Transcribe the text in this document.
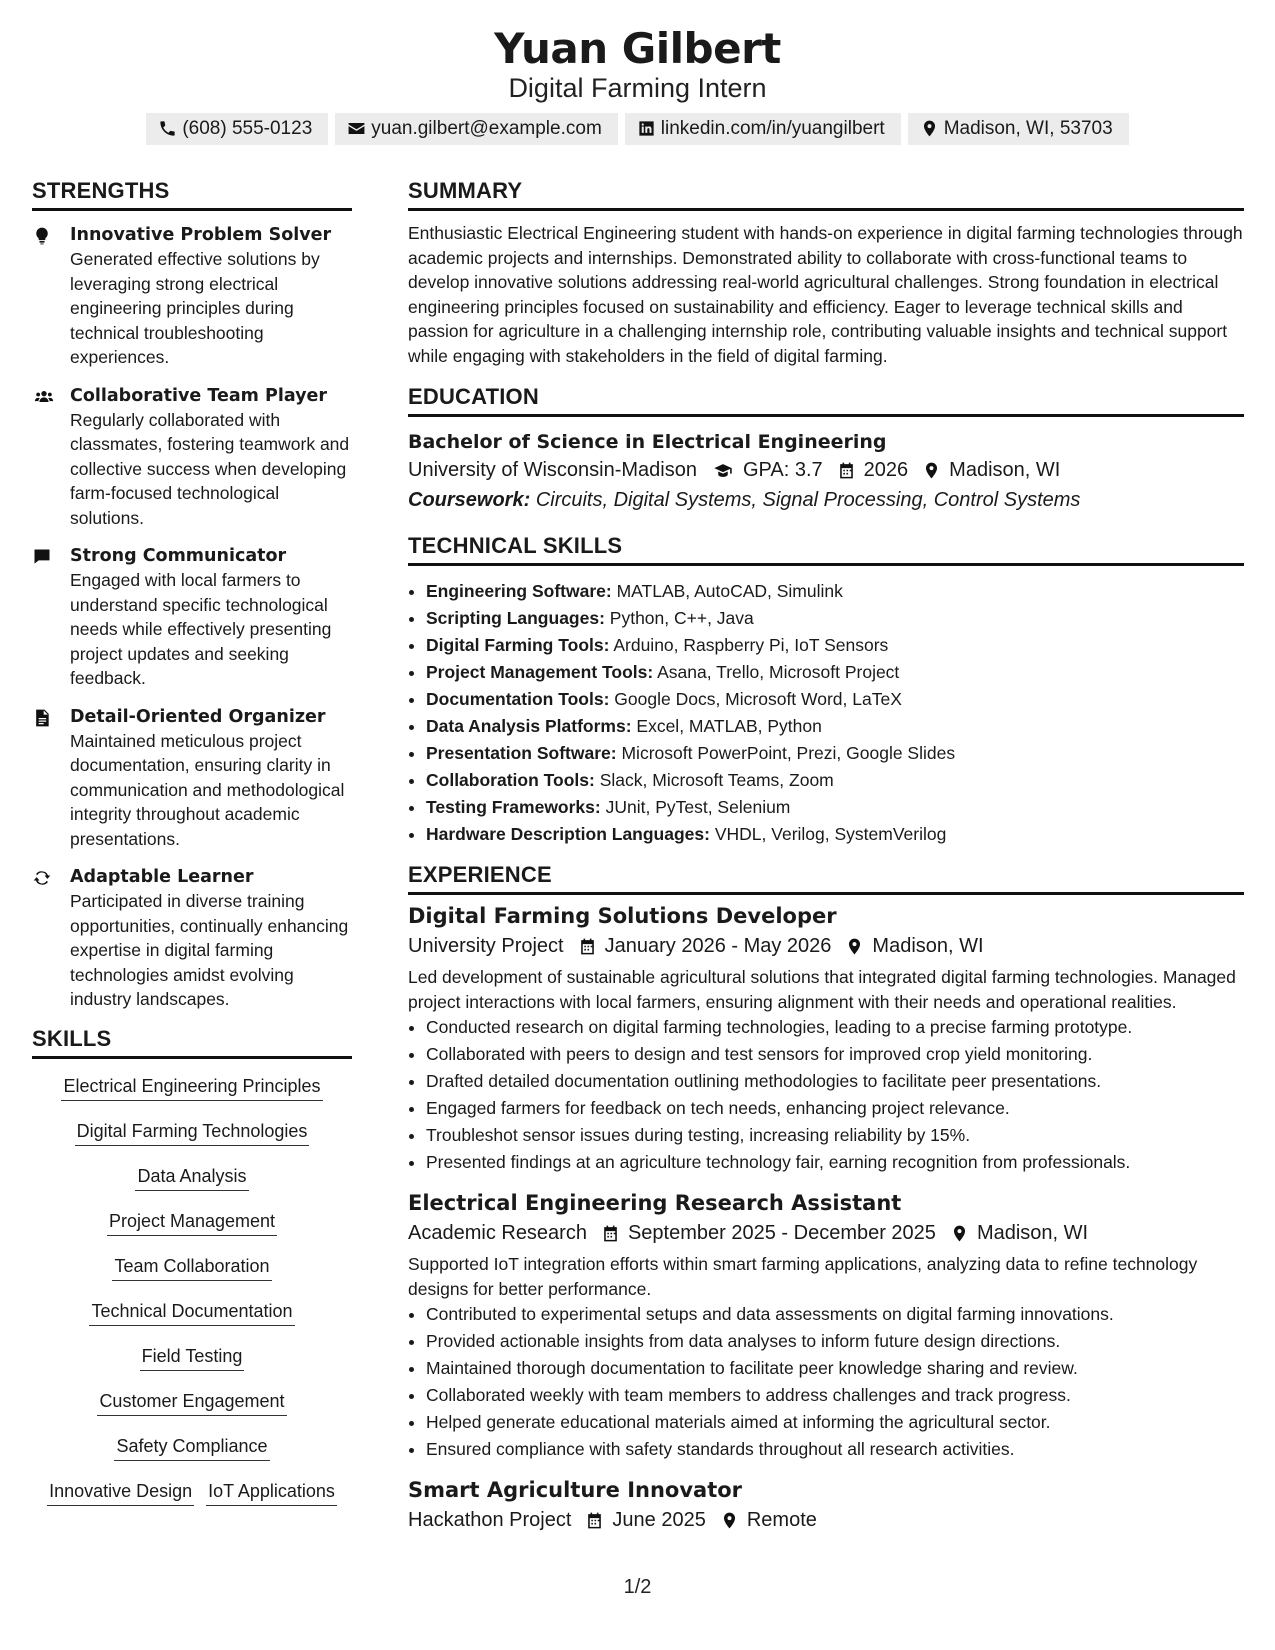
Yuan Gilbert
Digital Farming Intern
(608) 555-0123	yuan.gilbert@example.com	linkedin.com/in/yuangilbert	Madison, WI, 53703
STRENGTHS
Innovative Problem Solver
Generated effective solutions by leveraging strong electrical engineering principles during technical troubleshooting experiences.
Collaborative Team Player
Regularly collaborated with classmates, fostering teamwork and collective success when developing farm-focused technological solutions.
Strong Communicator
Engaged with local farmers to understand specific technological needs while effectively presenting project updates and seeking feedback.
Detail-Oriented Organizer
Maintained meticulous project documentation, ensuring clarity in communication and methodological integrity throughout academic presentations.
Adaptable Learner
Participated in diverse training opportunities, continually enhancing expertise in digital farming technologies amidst evolving industry landscapes.
SKILLS
Electrical Engineering Principles
Digital Farming Technologies
Data Analysis
Project Management
Team Collaboration
Technical Documentation
Field Testing
Customer Engagement
Safety Compliance
Innovative Design IoT Applications
SUMMARY
Enthusiastic Electrical Engineering student with hands-on experience in digital farming technologies through academic projects and internships. Demonstrated ability to collaborate with cross-functional teams to develop innovative solutions addressing real-world agricultural challenges. Strong foundation in electrical engineering principles focused on sustainability and efficiency. Eager to leverage technical skills and passion for agriculture in a challenging internship role, contributing valuable insights and technical support while engaging with stakeholders in the field of digital farming.
EDUCATION
Bachelor of Science in Electrical Engineering
University of Wisconsin-Madison GPA: 3.7 2026 Madison, WI
Coursework: Circuits, Digital Systems, Signal Processing, Control Systems
TECHNICAL SKILLS
• Engineering Software: MATLAB, AutoCAD, Simulink
• Scripting Languages: Python, C++, Java
• Digital Farming Tools: Arduino, Raspberry Pi, IoT Sensors
• Project Management Tools: Asana, Trello, Microsoft Project
• Documentation Tools: Google Docs, Microsoft Word, LaTeX
• Data Analysis Platforms: Excel, MATLAB, Python
• Presentation Software: Microsoft PowerPoint, Prezi, Google Slides
• Collaboration Tools: Slack, Microsoft Teams, Zoom
• Testing Frameworks: JUnit, PyTest, Selenium
• Hardware Description Languages: VHDL, Verilog, SystemVerilog
EXPERIENCE
Digital Farming Solutions Developer
University Project January 2026 - May 2026 Madison, WI
Led development of sustainable agricultural solutions that integrated digital farming technologies. Managed project interactions with local farmers, ensuring alignment with their needs and operational realities.
• Conducted research on digital farming technologies, leading to a precise farming prototype.
• Collaborated with peers to design and test sensors for improved crop yield monitoring.
• Drafted detailed documentation outlining methodologies to facilitate peer presentations.
• Engaged farmers for feedback on tech needs, enhancing project relevance.
• Troubleshot sensor issues during testing, increasing reliability by 15%.
• Presented findings at an agriculture technology fair, earning recognition from professionals.
Electrical Engineering Research Assistant
Academic Research September 2025 - December 2025 Madison, WI
Supported IoT integration efforts within smart farming applications, analyzing data to refine technology designs for better performance.
• Contributed to experimental setups and data assessments on digital farming innovations.
• Provided actionable insights from data analyses to inform future design directions.
• Maintained thorough documentation to facilitate peer knowledge sharing and review.
• Collaborated weekly with team members to address challenges and track progress.
• Helped generate educational materials aimed at informing the agricultural sector.
• Ensured compliance with safety standards throughout all research activities.
Smart Agriculture Innovator
Hackathon Project June 2025 Remote
1/2
